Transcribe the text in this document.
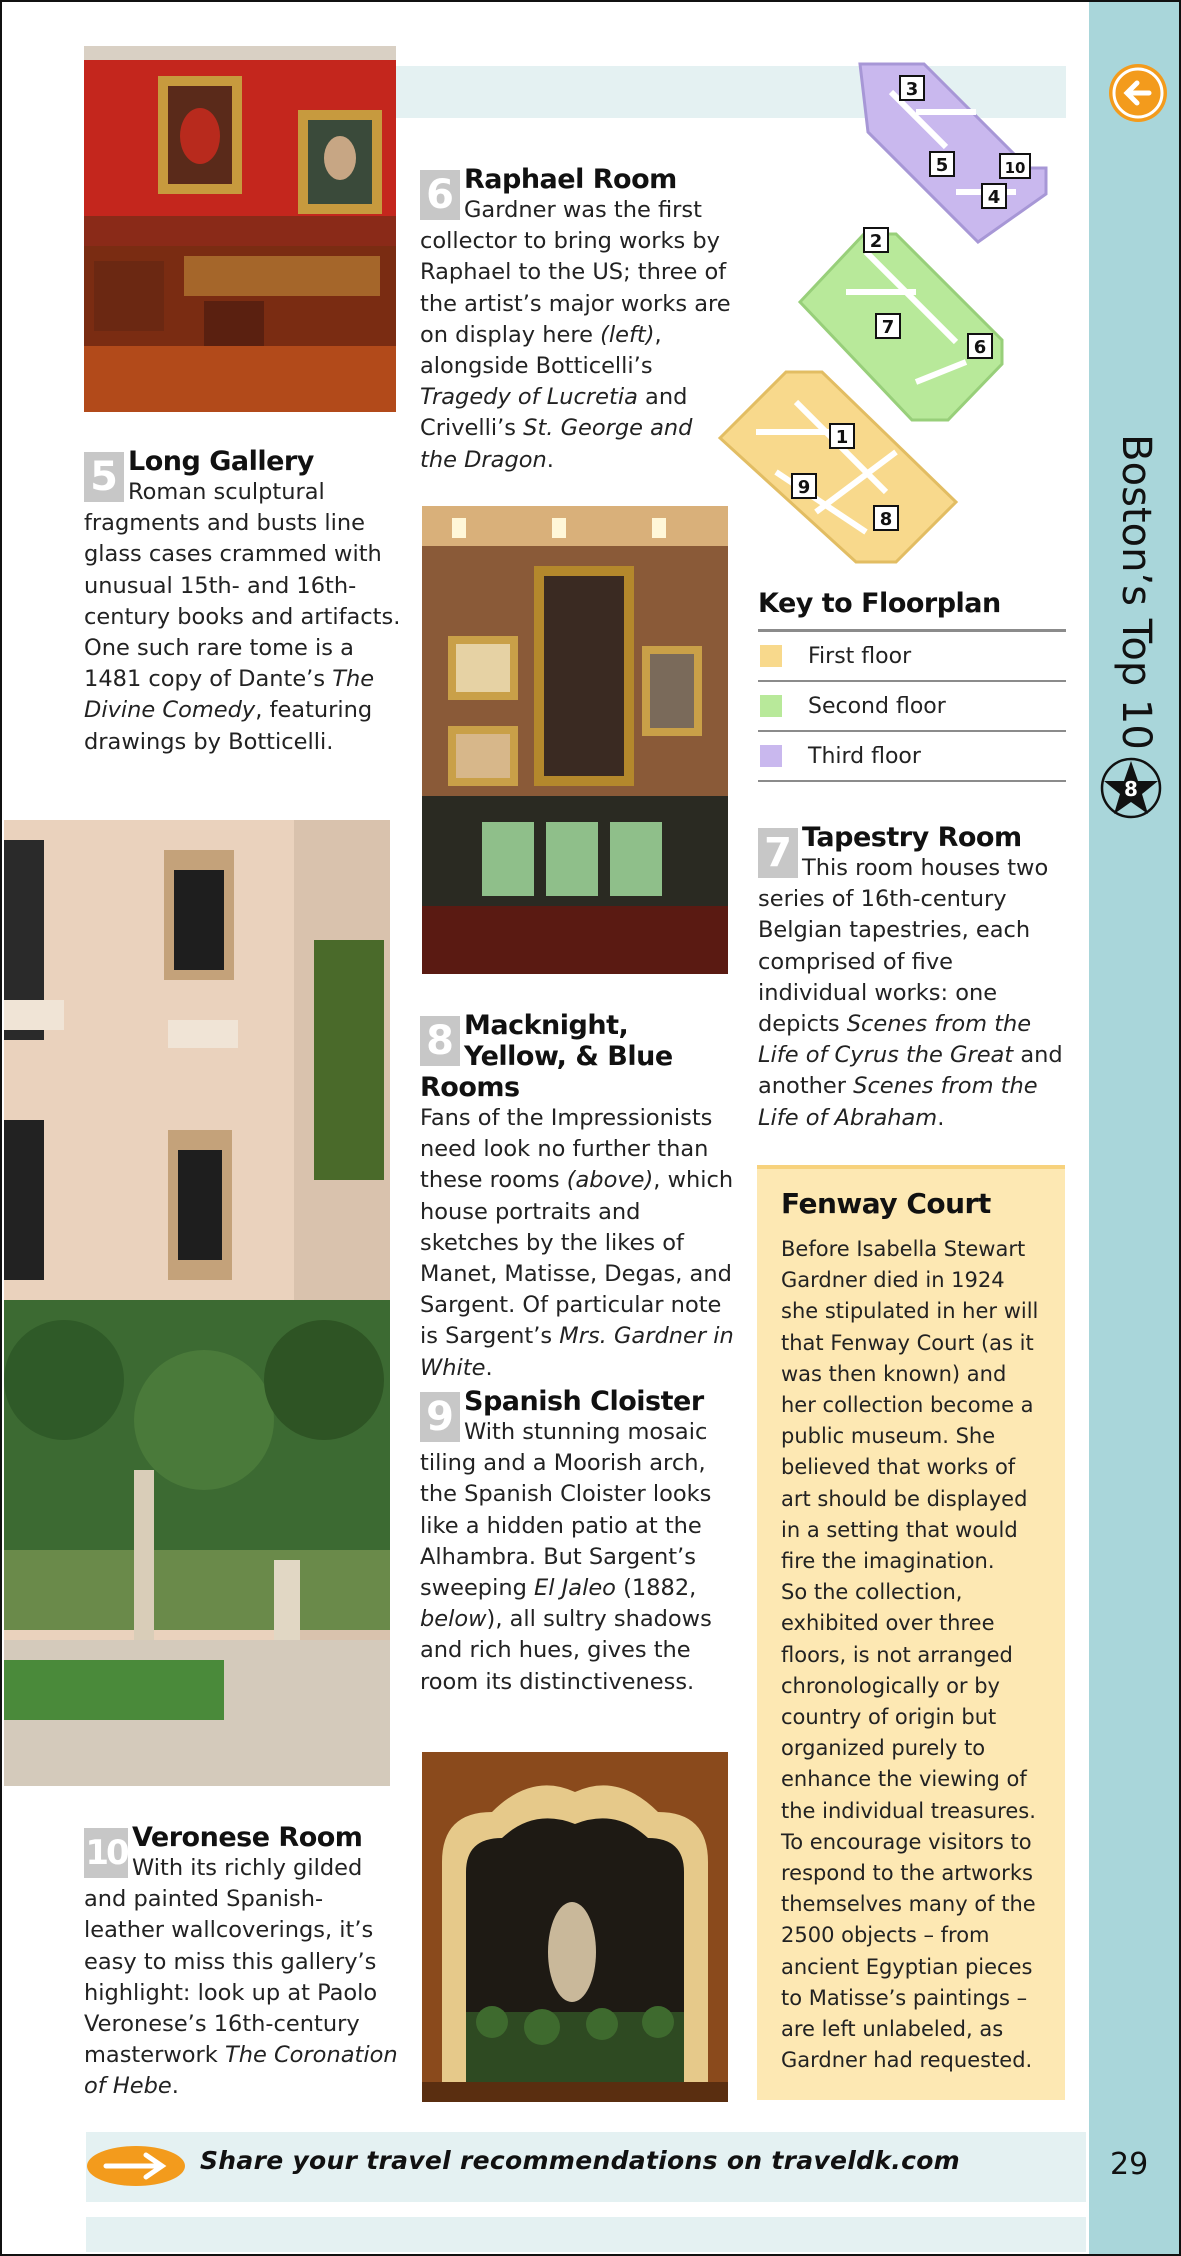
Boston’s Top 10
8
6 Raphael Room

Gardner was the first collector to bring works by Raphael to the US; three of the artist’s major works are on display here (left), alongside Botticelli’s Tragedy of Lucretia and Crivelli’s St. George and the Dragon.

3
5	10
4
2
7
6
1
9
8
5 Long Gallery

Roman sculptural fragments and busts line glass cases crammed with unusual 15th- and 16th-century books and artifacts. One such rare tome is a 1481 copy of Dante’s The Divine Comedy, featuring drawings by Botticelli.

Key to Floorplan
First floor
Second floor
Third floor
7 Tapestry Room

This room houses two series of 16th-century Belgian tapestries, each comprised of five individual works: one depicts Scenes from the Life of Cyrus the Great and another Scenes from the Life of Abraham.

8 Macknight, Yellow, & Blue Rooms

Fans of the Impressionists need look no further than these rooms (above), which house portraits and sketches by the likes of Manet, Matisse, Degas, and Sargent. Of particular note is Sargent’s Mrs. Gardner in White.

Fenway Court

Before Isabella Stewart Gardner died in 1924 she stipulated in her will that Fenway Court (as it was then known) and her collection become a public museum. She believed that works of art should be displayed in a setting that would fire the imagination.

So the collection, exhibited over three floors, is not arranged chronologically or by country of origin but organized purely to enhance the viewing of the individual treasures. To encourage visitors to respond to the artworks themselves many of the 2500 objects – from ancient Egyptian pieces to Matisse’s paintings – are left unlabeled, as Gardner had requested.

9 Spanish Cloister

With stunning mosaic tiling and a Moorish arch, the Spanish Cloister looks like a hidden patio at the Alhambra. But Sargent’s sweeping El Jaleo (1882, below), all sultry shadows and rich hues, gives the room its distinctiveness.

10 Veronese Room

With its richly gilded and painted Spanish-leather wallcoverings, it’s easy to miss this gallery’s highlight: look up at Paolo Veronese’s 16th-century masterwork The Coronation of Hebe.

Share your travel recommendations on traveldk.com	29
